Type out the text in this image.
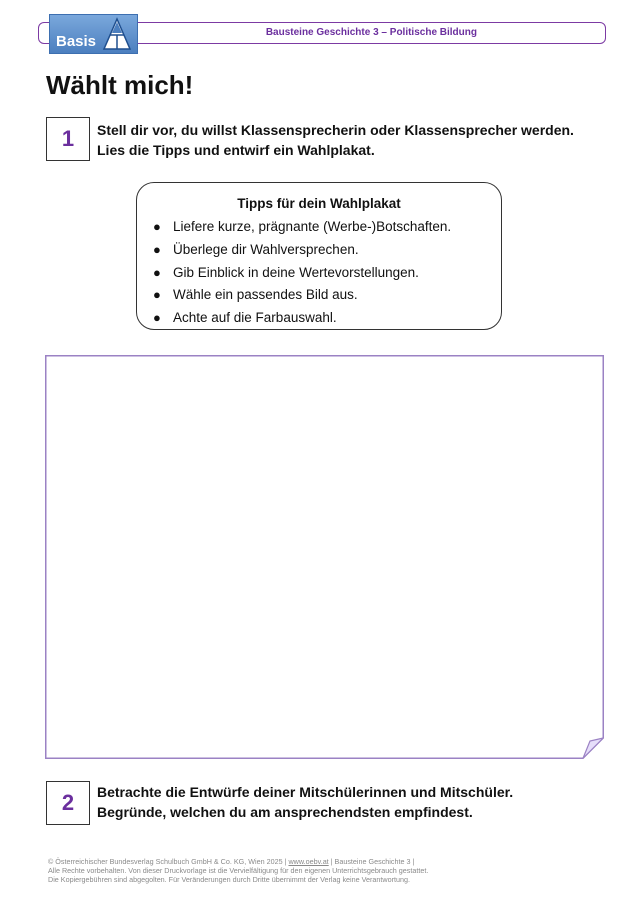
Bausteine Geschichte 3 – Politische Bildung
Basis
Wählt mich!
1	Stell dir vor, du willst Klassensprecherin oder Klassensprecher werden.
Lies die Tipps und entwirf ein Wahlplakat.
Tipps für dein Wahlplakat
● Liefere kurze, prägnante (Werbe-)Botschaften.
● Überlege dir Wahlversprechen.
● Gib Einblick in deine Wertevorstellungen.
● Wähle ein passendes Bild aus.
● Achte auf die Farbauswahl.
2	Betrachte die Entwürfe deiner Mitschülerinnen und Mitschüler.
Begründe, welchen du am ansprechendsten empfindest.
© Österreichischer Bundesverlag Schulbuch GmbH & Co. KG, Wien 2025 | www.oebv.at | Bausteine Geschichte 3 |
Alle Rechte vorbehalten. Von dieser Druckvorlage ist die Vervielfältigung für den eigenen Unterrichtsgebrauch gestattet.
Die Kopiergebühren sind abgegolten. Für Veränderungen durch Dritte übernimmt der Verlag keine Verantwortung.
